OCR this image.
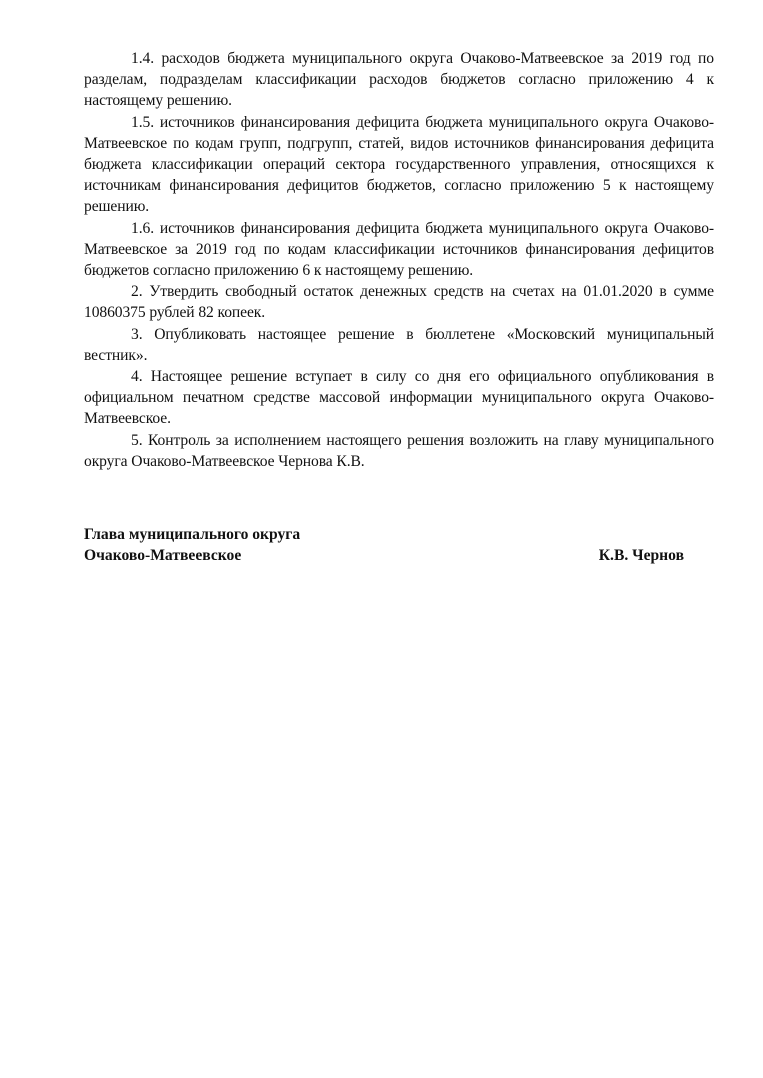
1.4. расходов бюджета муниципального округа Очаково-Матвеевское за 2019 год по разделам, подразделам классификации расходов бюджетов согласно приложению 4 к настоящему решению.

1.5. источников финансирования дефицита бюджета муниципального округа Очаково-Матвеевское по кодам групп, подгрупп, статей, видов источников финансирования дефицита бюджета классификации операций сектора государственного управления, относящихся к источникам финансирования дефицитов бюджетов, согласно приложению 5 к настоящему решению.

1.6. источников финансирования дефицита бюджета муниципального округа Очаково-Матвеевское за 2019 год по кодам классификации источников финансирования дефицитов бюджетов согласно приложению 6 к настоящему решению.

2. Утвердить свободный остаток денежных средств на счетах на 01.01.2020 в сумме 10860375 рублей 82 копеек.

3. Опубликовать настоящее решение в бюллетене «Московский муниципальный вестник».

4. Настоящее решение вступает в силу со дня его официального опубликования в официальном печатном средстве массовой информации муниципального округа Очаково-Матвеевское.

5. Контроль за исполнением настоящего решения возложить на главу муниципального округа Очаково-Матвеевское Чернова К.В.

Глава муниципального округа
Очаково-Матвеевское	К.В. Чернов
